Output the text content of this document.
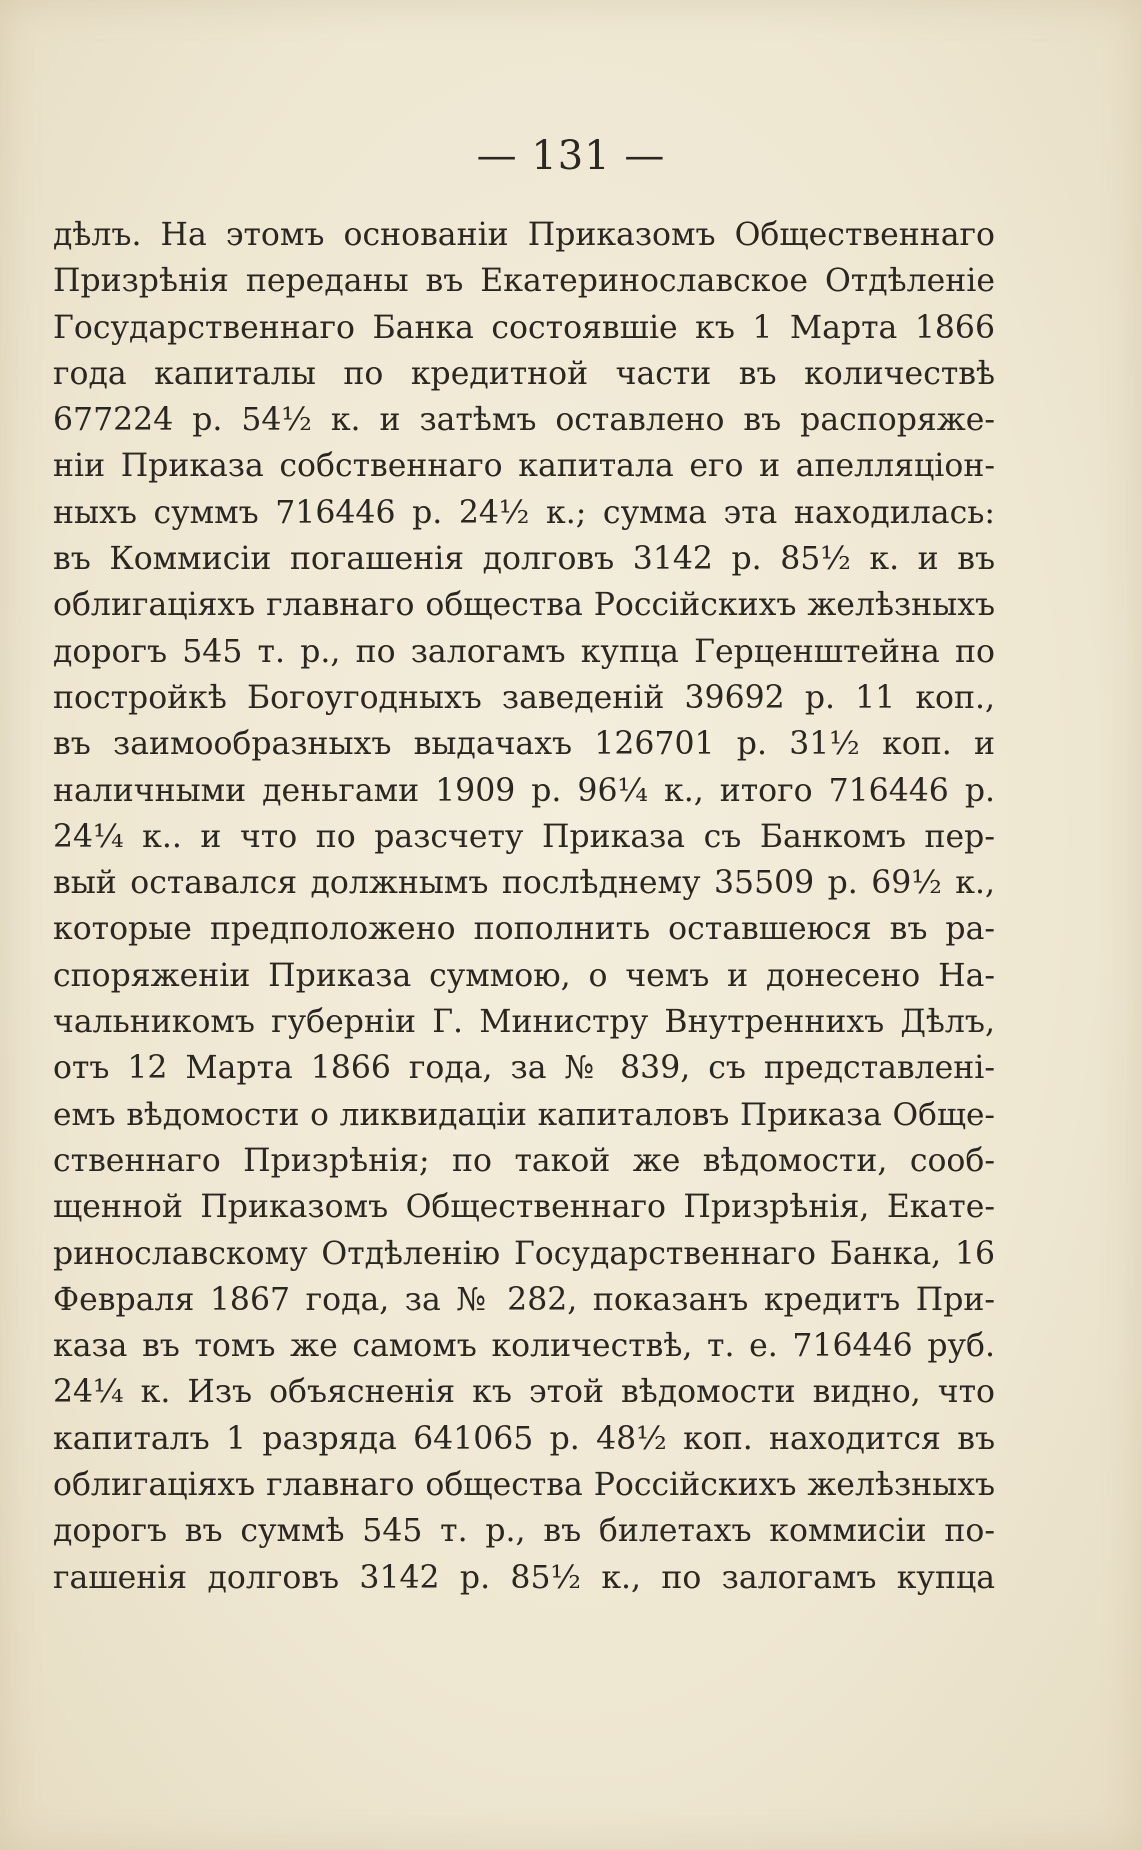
— 131 —
дѣлъ. На этомъ основанiи Приказомъ Общественнаго
Призрѣнiя переданы въ Екатеринославское Отдѣленiе
Государственнаго Банка состоявшiе къ 1 Марта 1866
года капиталы по кредитной части въ количествѣ
677224 р. 54½ к. и затѣмъ оставлено въ распоряже-
нiи Приказа собственнаго капитала его и апелляцiон-
ныхъ суммъ 716446 р. 24½ к.; сумма эта находилась:
въ Коммисiи погашенiя долговъ 3142 р. 85½ к. и въ
облигацiяхъ главнаго общества Россiйскихъ желѣзныхъ
дорогъ 545 т. р., по залогамъ купца Герценштейна по
постройкѣ Богоугодныхъ заведенiй 39692 р. 11 коп.,
въ заимообразныхъ выдачахъ 126701 р. 31½ коп. и
наличными деньгами 1909 р. 96¼ к., итого 716446 р.
24¼ к.. и что по разсчету Приказа съ Банкомъ пер-
вый оставался должнымъ послѣднему 35509 р. 69½ к.,
которые предположено пополнить оставшеюся въ ра-
споряженiи Приказа суммою, о чемъ и донесено На-
чальникомъ губернiи Г. Министру Внутреннихъ Дѣлъ,
отъ 12 Марта 1866 года, за № 839, съ представленi-
емъ вѣдомости о ликвидацiи капиталовъ Приказа Обще-
ственнаго Призрѣнiя; по такой же вѣдомости, сооб-
щенной Приказомъ Общественнаго Призрѣнiя, Екате-
ринославскому Отдѣленiю Государственнаго Банка, 16
Февраля 1867 года, за № 282, показанъ кредитъ При-
каза въ томъ же самомъ количествѣ, т. е. 716446 руб.
24¼ к. Изъ объясненiя къ этой вѣдомости видно, что
капиталъ 1 разряда 641065 р. 48½ коп. находится въ
облигацiяхъ главнаго общества Россiйскихъ желѣзныхъ
дорогъ въ суммѣ 545 т. р., въ билетахъ коммисiи по-
гашенiя долговъ 3142 р. 85½ к., по залогамъ купца
